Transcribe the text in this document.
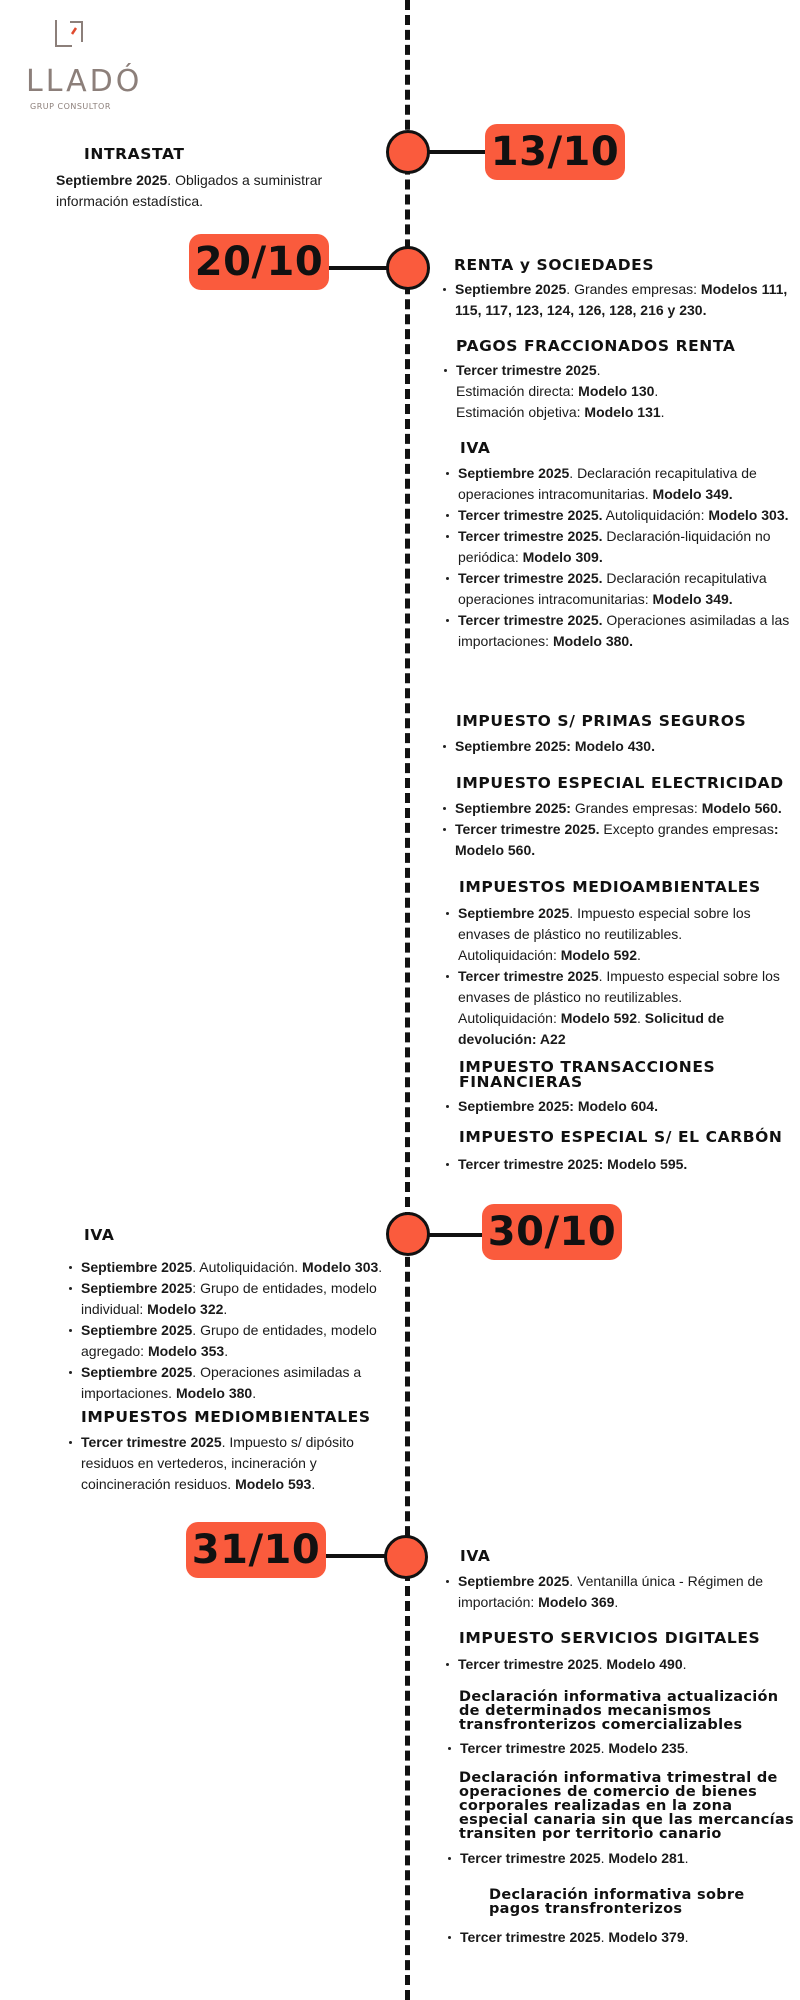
LLADÓ
GRUP CONSULTOR
13/10
INTRASTAT
Septiembre 2025. Obligados a suministrar información estadística.
20/10	RENTA y SOCIEDADES
Septiembre 2025. Grandes empresas: Modelos 111, 115, 117, 123, 124, 126, 128, 216 y 230.
PAGOS FRACCIONADOS RENTA
Tercer trimestre 2025.
Estimación directa: Modelo 130.
Estimación objetiva: Modelo 131.
IVA
Septiembre 2025. Declaración recapitulativa de operaciones intracomunitarias. Modelo 349.
Tercer trimestre 2025. Autoliquidación: Modelo 303.
Tercer trimestre 2025. Declaración-liquidación no periódica: Modelo 309.
Tercer trimestre 2025. Declaración recapitulativa operaciones intracomunitarias: Modelo 349.
Tercer trimestre 2025. Operaciones asimiladas a las importaciones: Modelo 380.
IMPUESTO S/ PRIMAS SEGUROS
Septiembre 2025: Modelo 430.
IMPUESTO ESPECIAL ELECTRICIDAD
Septiembre 2025: Grandes empresas: Modelo 560.
Tercer trimestre 2025. Excepto grandes empresas: Modelo 560.
IMPUESTOS MEDIOAMBIENTALES
Septiembre 2025. Impuesto especial sobre los envases de plástico no reutilizables. Autoliquidación: Modelo 592.
Tercer trimestre 2025. Impuesto especial sobre los envases de plástico no reutilizables. Autoliquidación: Modelo 592. Solicitud de devolución: A22
IMPUESTO TRANSACCIONES FINANCIERAS
Septiembre 2025: Modelo 604.
IMPUESTO ESPECIAL S/ EL CARBÓN
Tercer trimestre 2025: Modelo 595.
30/10
IVA
Septiembre 2025. Autoliquidación. Modelo 303.
Septiembre 2025: Grupo de entidades, modelo individual: Modelo 322.
Septiembre 2025. Grupo de entidades, modelo agregado: Modelo 353.
Septiembre 2025. Operaciones asimiladas a importaciones. Modelo 380.
IMPUESTOS MEDIOMBIENTALES
Tercer trimestre 2025. Impuesto s/ dipósito residuos en vertederos, incineración y coincineración residuos. Modelo 593.
31/10	IVA
Septiembre 2025. Ventanilla única - Régimen de importación: Modelo 369.
IMPUESTO SERVICIOS DIGITALES
Tercer trimestre 2025. Modelo 490.
Declaración informativa actualización de determinados mecanismos transfronterizos comercializables
Tercer trimestre 2025. Modelo 235.
Declaración informativa trimestral de operaciones de comercio de bienes corporales realizadas en la zona especial canaria sin que las mercancías transiten por territorio canario
Tercer trimestre 2025. Modelo 281.
Declaración informativa sobre pagos transfronterizos
Tercer trimestre 2025. Modelo 379.
